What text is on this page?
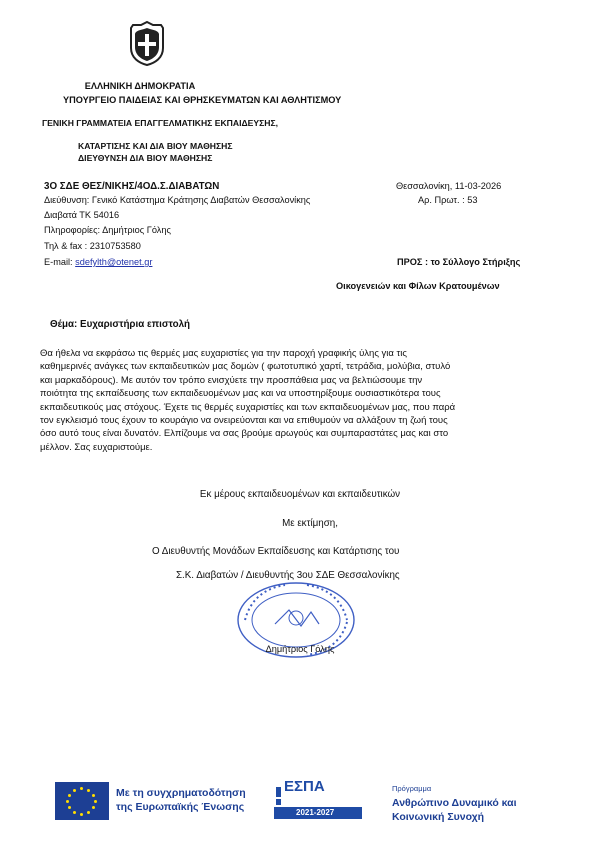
ΕΛΛΗΝΙΚΗ ΔΗΜΟΚΡΑΤΙΑ
ΥΠΟΥΡΓΕΙΟ ΠΑΙΔΕΙΑΣ ΚΑΙ ΘΡΗΣΚΕΥΜΑΤΩΝ ΚΑΙ ΑΘΛΗΤΙΣΜΟΥ
ΓΕΝΙΚΗ ΓΡΑΜΜΑΤΕΙΑ ΕΠΑΓΓΕΛΜΑΤΙΚΗΣ ΕΚΠΑΙΔΕΥΣΗΣ,
ΚΑΤΑΡΤΙΣΗΣ ΚΑΙ ΔΙΑ ΒΙΟΥ ΜΑΘΗΣΗΣ
ΔΙΕΥΘΥΝΣΗ ΔΙΑ ΒΙΟΥ ΜΑΘΗΣΗΣ
3Ο ΣΔΕ ΘΕΣ/ΝΙΚΗΣ/4ΟΔ.Σ.ΔΙΑΒΑΤΩΝ
Διεύθυνση: Γενικό Κατάστημα Κράτησης Διαβατών Θεσσαλονίκης
Διαβατά ΤΚ 54016
Πληροφορίες: Δημήτριος Γόλης
Τηλ & fax : 2310753580
E-mail: sdefylth@otenet.gr
Θεσσαλονίκη, 11-03-2026
Αρ. Πρωτ. : 53
ΠΡΟΣ : το Σύλλογο Στήριξης
Οικογενειών και Φίλων Κρατουμένων
Θέμα: Ευχαριστήρια επιστολή
Θα ήθελα να εκφράσω τις θερμές μας ευχαριστίες για την παροχή γραφικής ύλης για τις
καθημερινές ανάγκες των εκπαιδευτικών μας δομών ( φωτοτυπικό χαρτί, τετράδια, μολύβια, στυλό
και μαρκαδόρους). Με αυτόν τον τρόπο ενισχύετε την προσπάθεια μας να βελτιώσουμε την
ποιότητα της εκπαίδευσης των εκπαιδευομένων μας και να υποστηρίξουμε ουσιαστικότερα τους
εκπαιδευτικούς μας στόχους. Έχετε τις θερμές ευχαριστίες και των εκπαιδευομένων μας, που παρά
τον εγκλεισμό τους έχουν το κουράγιο να ονειρεύονται και να επιθυμούν να αλλάξουν τη ζωή τους
όσο αυτό τους είναι δυνατόν. Ελπίζουμε να σας βρούμε αρωγούς και συμπαραστάτες μας και στο
μέλλον. Σας ευχαριστούμε.
Εκ μέρους εκπαιδευομένων και εκπαιδευτικών
Με εκτίμηση,
Ο Διευθυντής Μονάδων Εκπαίδευσης και Κατάρτισης του
Σ.Κ. Διαβατών / Διευθυντής 3ου ΣΔΕ Θεσσαλονίκης
Δημήτριος Γόλης
Με τη συγχρηματοδότηση
της Ευρωπαϊκής Ένωσης
ΕΣΠΑ
2021-2027
Πρόγραμμα
Ανθρώπινο Δυναμικό και
Κοινωνική Συνοχή
